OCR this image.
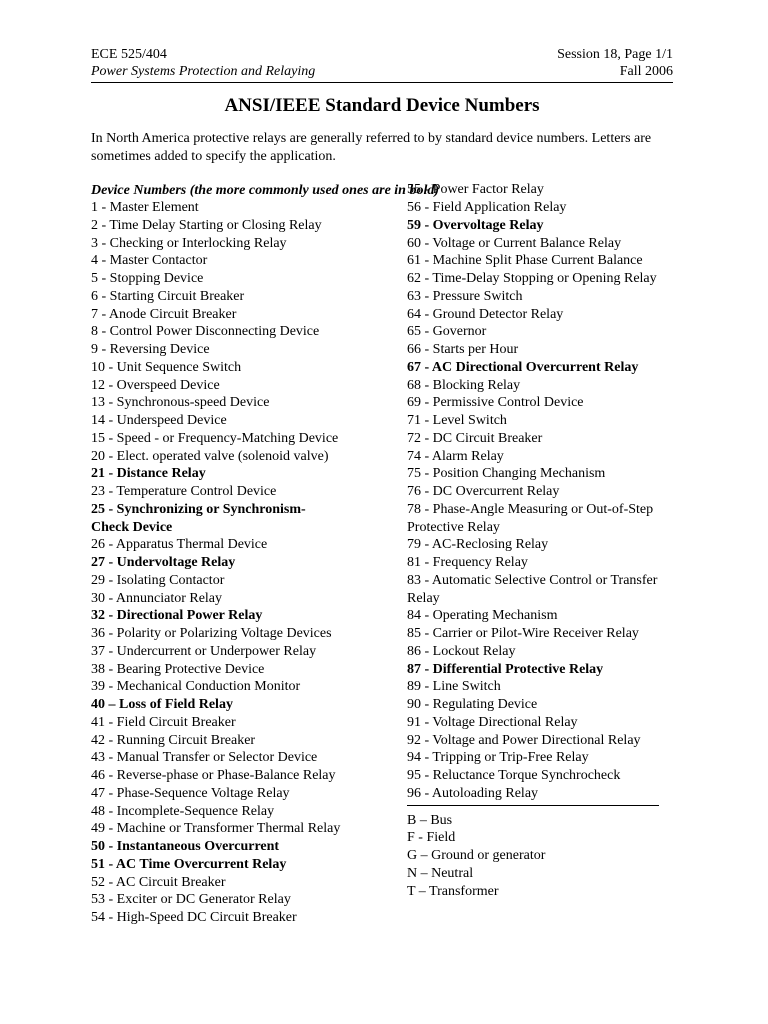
ECE 525/404	Session 18, Page 1/1
Power Systems Protection and Relaying	Fall 2006
ANSI/IEEE Standard Device Numbers
In North America protective relays are generally referred to by standard device numbers. Letters are sometimes added to specify the application.
Device Numbers (the more commonly used ones are in bold)
1 - Master Element
2 - Time Delay Starting or Closing Relay
3 - Checking or Interlocking Relay
4 - Master Contactor
5 - Stopping Device
6 - Starting Circuit Breaker
7 - Anode Circuit Breaker
8 - Control Power Disconnecting Device
9 - Reversing Device
10 - Unit Sequence Switch
12 - Overspeed Device
13 - Synchronous-speed Device
14 - Underspeed Device
15 - Speed - or Frequency-Matching Device
20 - Elect. operated valve (solenoid valve)
21 - Distance Relay
23 - Temperature Control Device
25 - Synchronizing or Synchronism-
Check Device
26 - Apparatus Thermal Device
27 - Undervoltage Relay
29 - Isolating Contactor
30 - Annunciator Relay
32 - Directional Power Relay
36 - Polarity or Polarizing Voltage Devices
37 - Undercurrent or Underpower Relay
38 - Bearing Protective Device
39 - Mechanical Conduction Monitor
40 – Loss of Field Relay
41 - Field Circuit Breaker
42 - Running Circuit Breaker
43 - Manual Transfer or Selector Device
46 - Reverse-phase or Phase-Balance Relay
47 - Phase-Sequence Voltage Relay
48 - Incomplete-Sequence Relay
49 - Machine or Transformer Thermal Relay
50 - Instantaneous Overcurrent
51 - AC Time Overcurrent Relay
52 - AC Circuit Breaker
53 - Exciter or DC Generator Relay
54 - High-Speed DC Circuit Breaker
55 - Power Factor Relay
56 - Field Application Relay
59 - Overvoltage Relay
60 - Voltage or Current Balance Relay
61 - Machine Split Phase Current Balance
62 - Time-Delay Stopping or Opening Relay
63 - Pressure Switch
64 - Ground Detector Relay
65 - Governor
66 - Starts per Hour
67 - AC Directional Overcurrent Relay
68 - Blocking Relay
69 - Permissive Control Device
71 - Level Switch
72 - DC Circuit Breaker
74 - Alarm Relay
75 - Position Changing Mechanism
76 - DC Overcurrent Relay
78 - Phase-Angle Measuring or Out-of-Step
Protective Relay
79 - AC-Reclosing Relay
81 - Frequency Relay
83 - Automatic Selective Control or Transfer
Relay
84 - Operating Mechanism
85 - Carrier or Pilot-Wire Receiver Relay
86 - Lockout Relay
87 - Differential Protective Relay
89 - Line Switch
90 - Regulating Device
91 - Voltage Directional Relay
92 - Voltage and Power Directional Relay
94 - Tripping or Trip-Free Relay
95 - Reluctance Torque Synchrocheck
96 - Autoloading Relay
B – Bus
F - Field
G – Ground or generator
N – Neutral
T – Transformer
